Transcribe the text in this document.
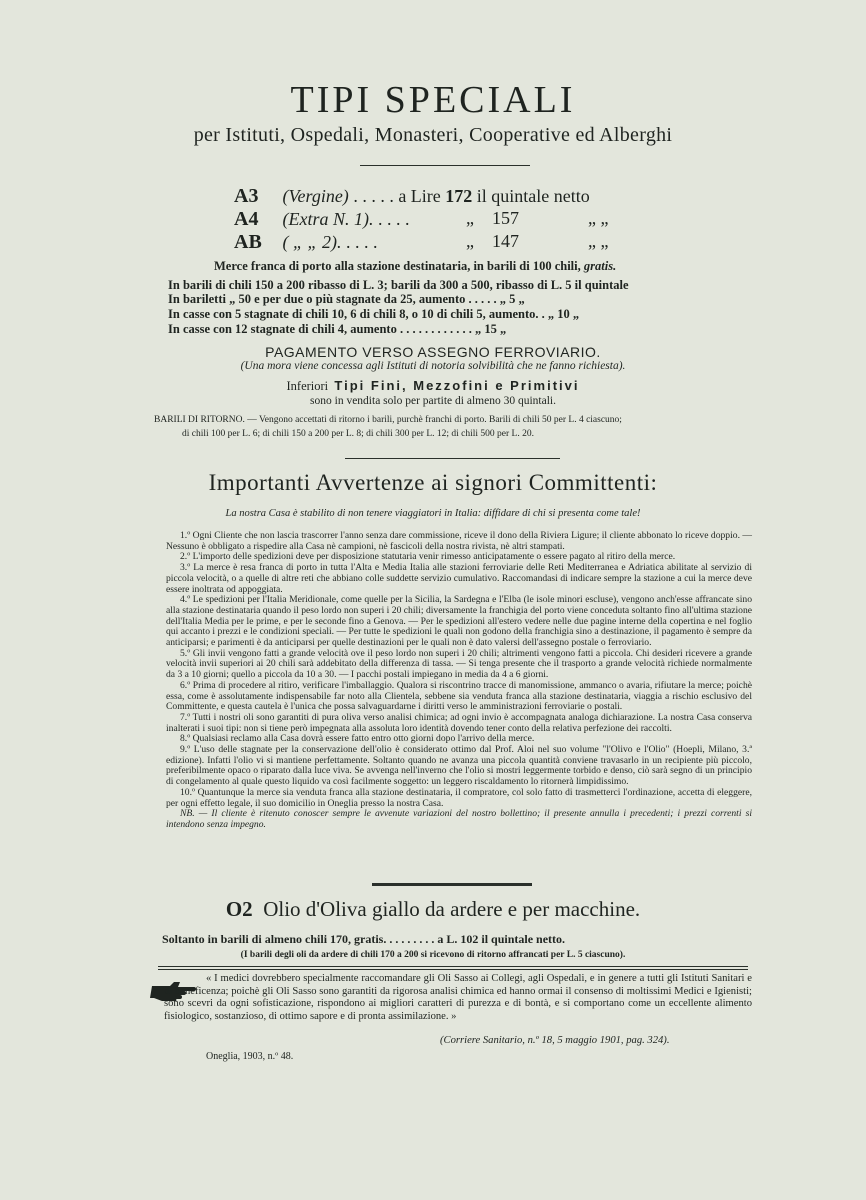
TIPI SPECIALI
per Istituti, Ospedali, Monasteri, Cooperative ed Alberghi
A3 (Vergine) . . . . . a Lire 172 il quintale netto
A4 (Extra N. 1). . . . .	„ 157	„ „
AB ( „ „ 2). . . . .	„ 147	„ „
Merce franca di porto alla stazione destinataria, in barili di 100 chili, gratis.
In barili di chili 150 a 200 ribasso di L. 3; barili da 300 a 500, ribasso di L. 5 il quintale
In bariletti „ 50 e per due o più stagnate da 25, aumento . . . . . „ 5 „
In casse con 5 stagnate di chili 10, 6 di chili 8, o 10 di chili 5, aumento. . „ 10 „
In casse con 12 stagnate di chili 4, aumento . . . . . . . . . . . . „ 15 „
PAGAMENTO VERSO ASSEGNO FERROVIARIO.
(Una mora viene concessa agli Istituti di notoria solvibilità che ne fanno richiesta).
Inferiori Tipi Fini, Mezzofini e Primitivi
sono in vendita solo per partite di almeno 30 quintali.
BARILI DI RITORNO. — Vengono accettati di ritorno i barili, purchè franchi di porto. Barili di chili 50 per L. 4 ciascuno;
di chili 100 per L. 6; di chili 150 a 200 per L. 8; di chili 300 per L. 12; di chili 500 per L. 20.
Importanti Avvertenze ai signori Committenti:
La nostra Casa è stabilito di non tenere viaggiatori in Italia: diffidare di chi si presenta come tale!

1.º Ogni Cliente che non lascia trascorrer l'anno senza dare commissione, riceve il dono della Riviera Ligure; il cliente abbonato lo riceve doppio. — Nessuno è obbligato a rispedire alla Casa nè campioni, nè fascicoli della nostra rivista, nè altri stampati.

2.º L'importo delle spedizioni deve per disposizione statutaria venir rimesso anticipatamente o essere pagato al ritiro della merce.

3.º La merce è resa franca di porto in tutta l'Alta e Media Italia alle stazioni ferroviarie delle Reti Mediterranea e Adriatica abilitate al servizio di piccola velocità, o a quelle di altre reti che abbiano colle suddette servizio cumulativo. Raccomandasi di indicare sempre la stazione a cui la merce deve essere inoltrata od appoggiata.

4.º Le spedizioni per l'Italia Meridionale, come quelle per la Sicilia, la Sardegna e l'Elba (le isole minori escluse), vengono anch'esse affrancate sino alla stazione destinataria quando il peso lordo non superi i 20 chili; diversamente la franchigia del porto viene conceduta soltanto fino all'ultima stazione dell'Italia Media per le prime, e per le seconde fino a Genova. — Per le spedizioni all'estero vedere nelle due pagine interne della copertina e nel foglio qui accanto i prezzi e le condizioni speciali. — Per tutte le spedizioni le quali non godono della franchigia sino a destinazione, il pagamento è sempre da anticiparsi; e parimenti è da anticiparsi per quelle destinazioni per le quali non è dato valersi dell'assegno postale o ferroviario.

5.º Gli invii vengono fatti a grande velocità ove il peso lordo non superi i 20 chili; altrimenti vengono fatti a piccola. Chi desideri ricevere a grande velocità invii superiori ai 20 chili sarà addebitato della differenza di tassa. — Si tenga presente che il trasporto a grande velocità richiede normalmente da 3 a 10 giorni; quello a piccola da 10 a 30. — I pacchi postali impiegano in media da 4 a 6 giorni.

6.º Prima di procedere al ritiro, verificare l'imballaggio. Qualora si riscontrino tracce di manomissione, ammanco o avaria, rifiutare la merce; poichè essa, come è assolutamente indispensabile far noto alla Clientela, sebbene sia venduta franca alla stazione destinataria, viaggia a rischio esclusivo del Committente, e questa cautela è l'unica che possa salvaguardarne i diritti verso le amministrazioni ferroviarie o postali.

7.º Tutti i nostri oli sono garantiti di pura oliva verso analisi chimica; ad ogni invio è accompagnata analoga dichiarazione. La nostra Casa conserva inalterati i suoi tipi: non si tiene però impegnata alla assoluta loro identità dovendo tener conto della relativa perfezione dei raccolti.

8.º Qualsiasi reclamo alla Casa dovrà essere fatto entro otto giorni dopo l'arrivo della merce.

9.º L'uso delle stagnate per la conservazione dell'olio è considerato ottimo dal Prof. Aloi nel suo volume "l'Olivo e l'Olio" (Hoepli, Milano, 3.ª edizione). Infatti l'olio vi si mantiene perfettamente. Soltanto quando ne avanza una piccola quantità conviene travasarlo in un recipiente più piccolo, preferibilmente opaco o riparato dalla luce viva. Se avvenga nell'inverno che l'olio si mostri leggermente torbido e denso, ciò sarà segno di un principio di congelamento al quale questo liquido va così facilmente soggetto: un leggero riscaldamento lo ritornerà limpidissimo.

10.º Quantunque la merce sia venduta franca alla stazione destinataria, il compratore, col solo fatto di trasmetterci l'ordinazione, accetta di eleggere, per ogni effetto legale, il suo domicilio in Oneglia presso la nostra Casa.

NB. — Il cliente è ritenuto conoscer sempre le avvenute variazioni del nostro bollettino; il presente annulla i precedenti; i prezzi correnti si intendono senza impegno.

O2 Olio d'Oliva giallo da ardere e per macchine.
Soltanto in barili di almeno chili 170, gratis. . . . . . . . . a L. 102 il quintale netto.
(I barili degli oli da ardere di chili 170 a 200 si ricevono di ritorno affrancati per L. 5 ciascuno).
« I medici dovrebbero specialmente raccomandare gli Oli Sasso ai Collegi, agli Ospedali, e in genere a tutti gli Istituti Sanitari e di beneficenza; poichè gli Oli Sasso sono garantiti da rigorosa analisi chimica ed hanno ormai il consenso di moltissimi Medici e Igienisti; sono scevri da ogni sofisticazione, rispondono ai migliori caratteri di purezza e di bontà, e si comportano come un eccellente alimento fisiologico, sostanzioso, di ottimo sapore e di pronta assimilazione. »
(Corriere Sanitario, n.º 18, 5 maggio 1901, pag. 324).
Oneglia, 1903, n.º 48.
